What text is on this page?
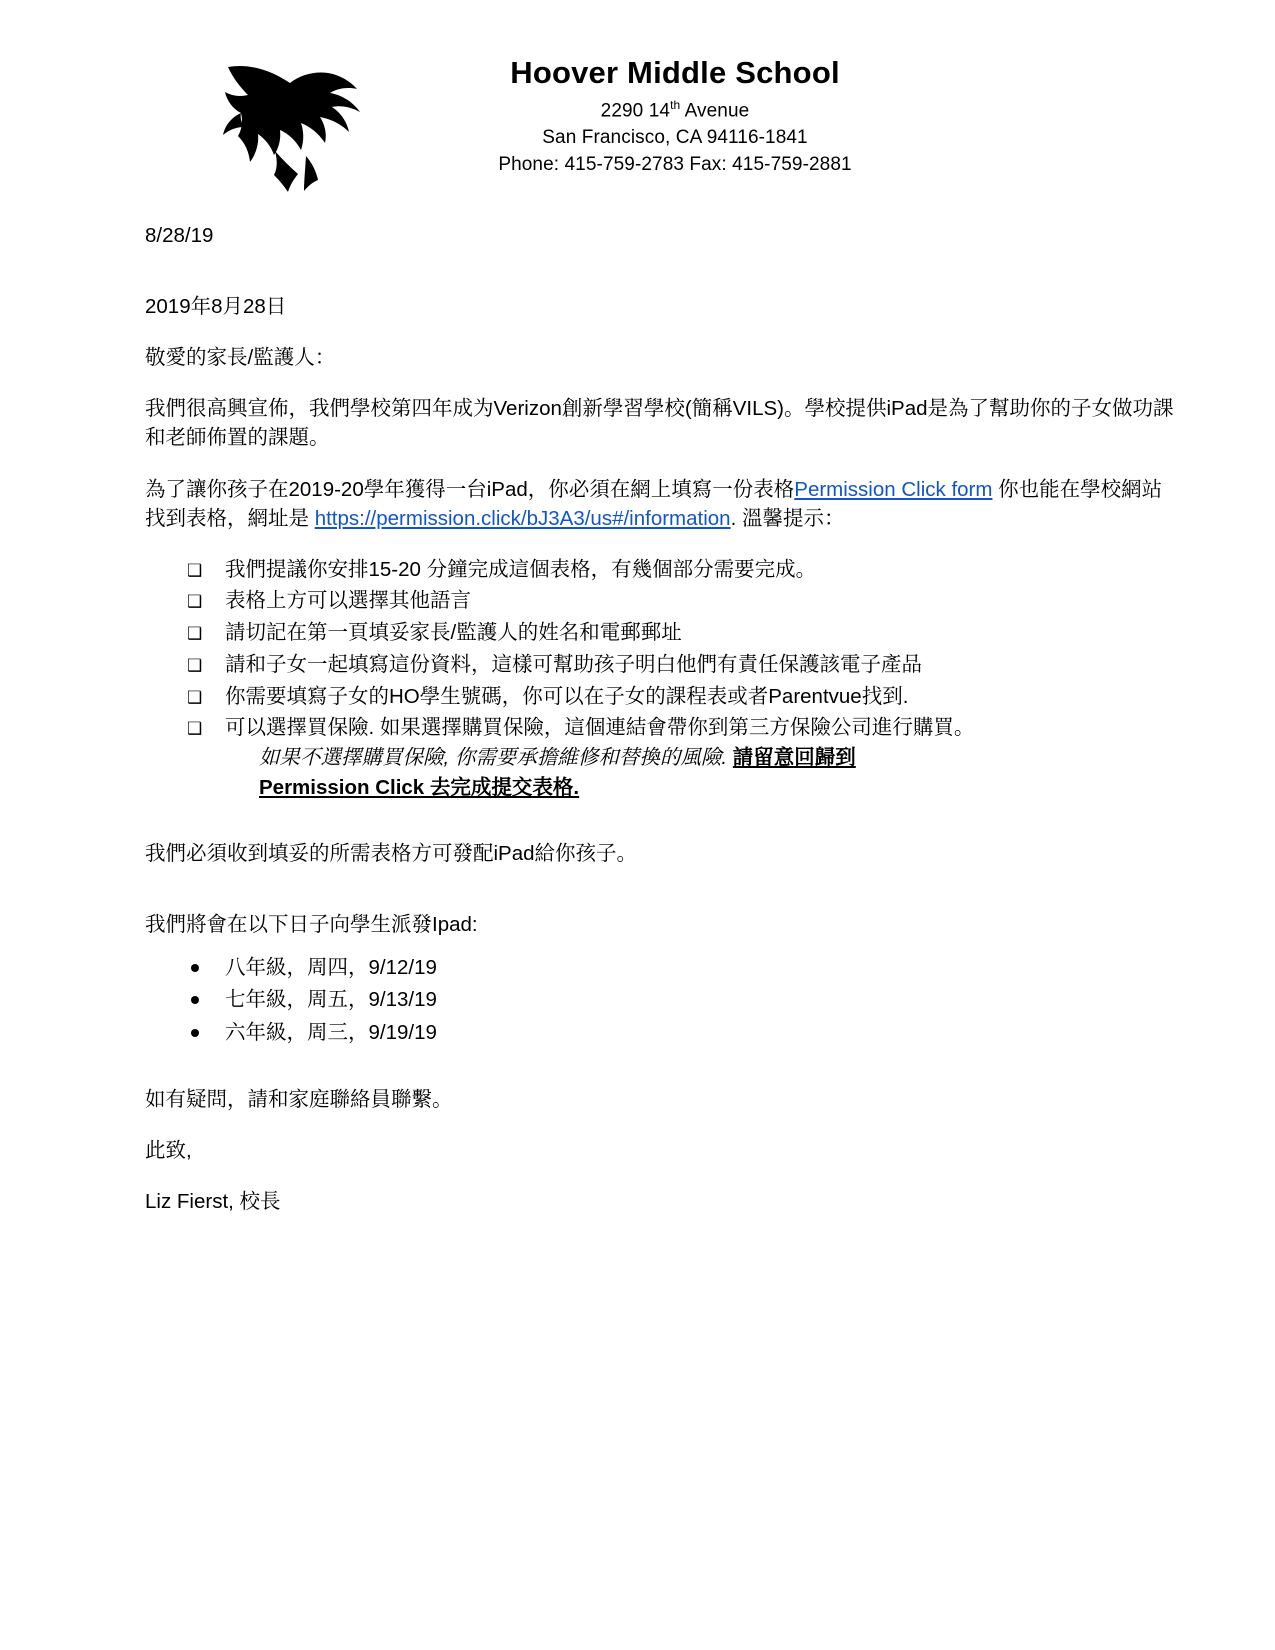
Hoover Middle School
2290 14th Avenue
San Francisco, CA 94116-1841
Phone: 415-759-2783 Fax: 415-759-2881

8/28/19

2019年8月28日

敬愛的家長/監護人：

我們很高興宣佈，我們學校第四年成为Verizon創新學習學校(簡稱VILS)。學校提供iPad是為了幫助你的子女做功課和老師佈置的課題。

為了讓你孩子在2019-20學年獲得一台iPad，你必須在網上填寫一份表格Permission Click form 你也能在學校網站找到表格，網址是 https://permission.click/bJ3A3/us#/information. 溫馨提示：

❑ 我們提議你安排15-20 分鐘完成這個表格，有幾個部分需要完成。
❑ 表格上方可以選擇其他語言
❑ 請切記在第一頁填妥家長/監護人的姓名和電郵郵址
❑ 請和子女一起填寫這份資料，這樣可幫助孩子明白他們有責任保護該電子產品
❑ 你需要填寫子女的HO學生號碼，你可以在子女的課程表或者Parentvue找到.
❑ 可以選擇買保險. 如果選擇購買保險，這個連結會帶你到第三方保險公司進行購買。
如果不選擇購買保險, 你需要承擔維修和替換的風險. 請留意回歸到
Permission Click 去完成提交表格.

我們必須收到填妥的所需表格方可發配iPad給你孩子。

我們將會在以下日子向學生派發Ipad:

八年級，周四，9/12/19
七年級，周五，9/13/19
六年級，周三，9/19/19

如有疑問，請和家庭聯絡員聯繫。

此致,

Liz Fierst, 校長
